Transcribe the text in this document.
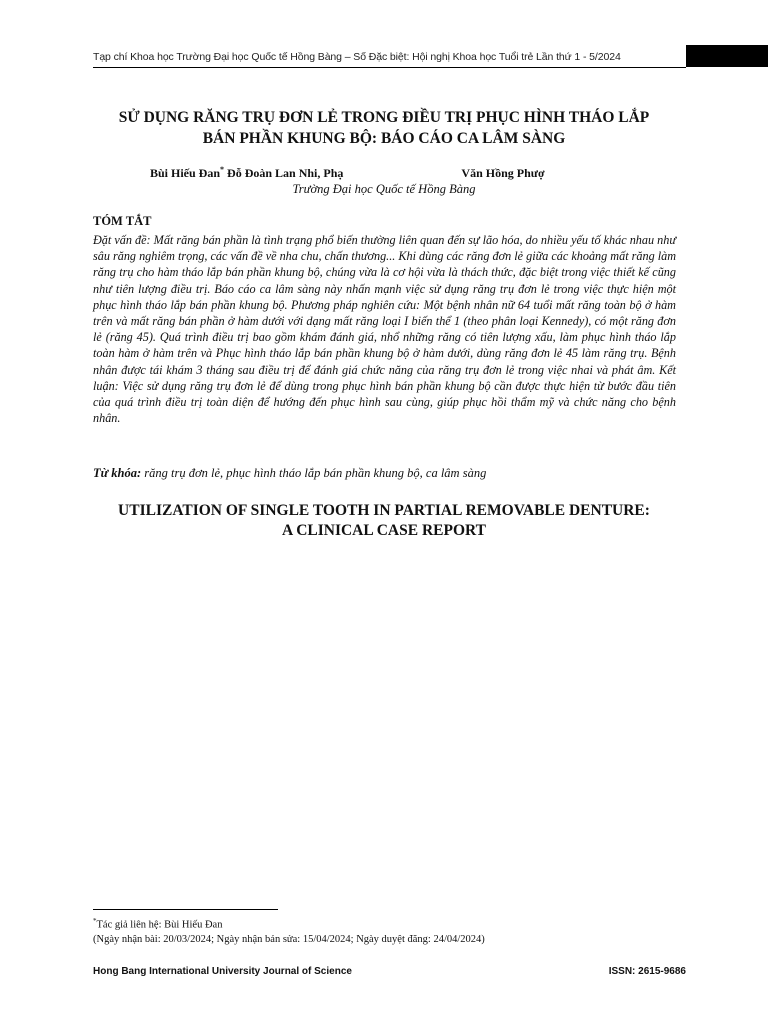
Tạp chí Khoa học Trường Đại học Quốc tế Hồng Bàng – Số Đặc biệt: Hội nghị Khoa học Tuổi trẻ Lần thứ 1 - 5/2024
SỬ DỤNG RĂNG TRỤ ĐƠN LẺ TRONG ĐIỀU TRỊ PHỤC HÌNH THÁO LẮP
BÁN PHẦN KHUNG BỘ: BÁO CÁO CA LÂM SÀNG
Bùi Hiếu Đan* Đỗ Đoàn Lan Nhi, Phạ	Văn Hồng Phượ
Trường Đại học Quốc tế Hồng Bàng
TÓM TẮT

Đặt vấn đề: Mất răng bán phần là tình trạng phổ biến thường liên quan đến sự lão hóa, do nhiều yếu tố khác nhau như sâu răng nghiêm trọng, các vấn đề về nha chu, chấn thương... Khi dùng các răng đơn lẻ giữa các khoảng mất răng làm răng trụ cho hàm tháo lắp bán phần khung bộ, chúng vừa là cơ hội vừa là thách thức, đặc biệt trong việc thiết kế cũng như tiên lượng điều trị. Báo cáo ca lâm sàng này nhấn mạnh việc sử dụng răng trụ đơn lẻ trong việc thực hiện một phục hình tháo lắp bán phần khung bộ. Phương pháp nghiên cứu: Một bệnh nhân nữ 64 tuổi mất răng toàn bộ ở hàm trên và mất răng bán phần ở hàm dưới với dạng mất răng loại I biến thể 1 (theo phân loại Kennedy), có một răng đơn lẻ (răng 45). Quá trình điều trị bao gồm khám đánh giá, nhổ những răng có tiên lượng xấu, làm phục hình tháo lắp toàn hàm ở hàm trên và Phục hình tháo lắp bán phần khung bộ ở hàm dưới, dùng răng đơn lẻ 45 làm răng trụ. Bệnh nhân được tái khám 3 tháng sau điều trị để đánh giá chức năng của răng trụ đơn lẻ trong việc nhai và phát âm. Kết luận: Việc sử dụng răng trụ đơn lẻ để dùng trong phục hình bán phần khung bộ cần được thực hiện từ bước đầu tiên của quá trình điều trị toàn diện để hướng đến phục hình sau cùng, giúp phục hồi thẩm mỹ và chức năng cho bệnh nhân.

Từ khóa: răng trụ đơn lẻ, phục hình tháo lắp bán phần khung bộ, ca lâm sàng

UTILIZATION OF SINGLE TOOTH IN PARTIAL REMOVABLE DENTURE:
A CLINICAL CASE REPORT
*Tác giả liên hệ: Bùi Hiếu Đan
(Ngày nhận bài: 20/03/2024; Ngày nhận bản sửa: 15/04/2024; Ngày duyệt đăng: 24/04/2024)
Hong Bang International University Journal of Science	ISSN: 2615-9686
